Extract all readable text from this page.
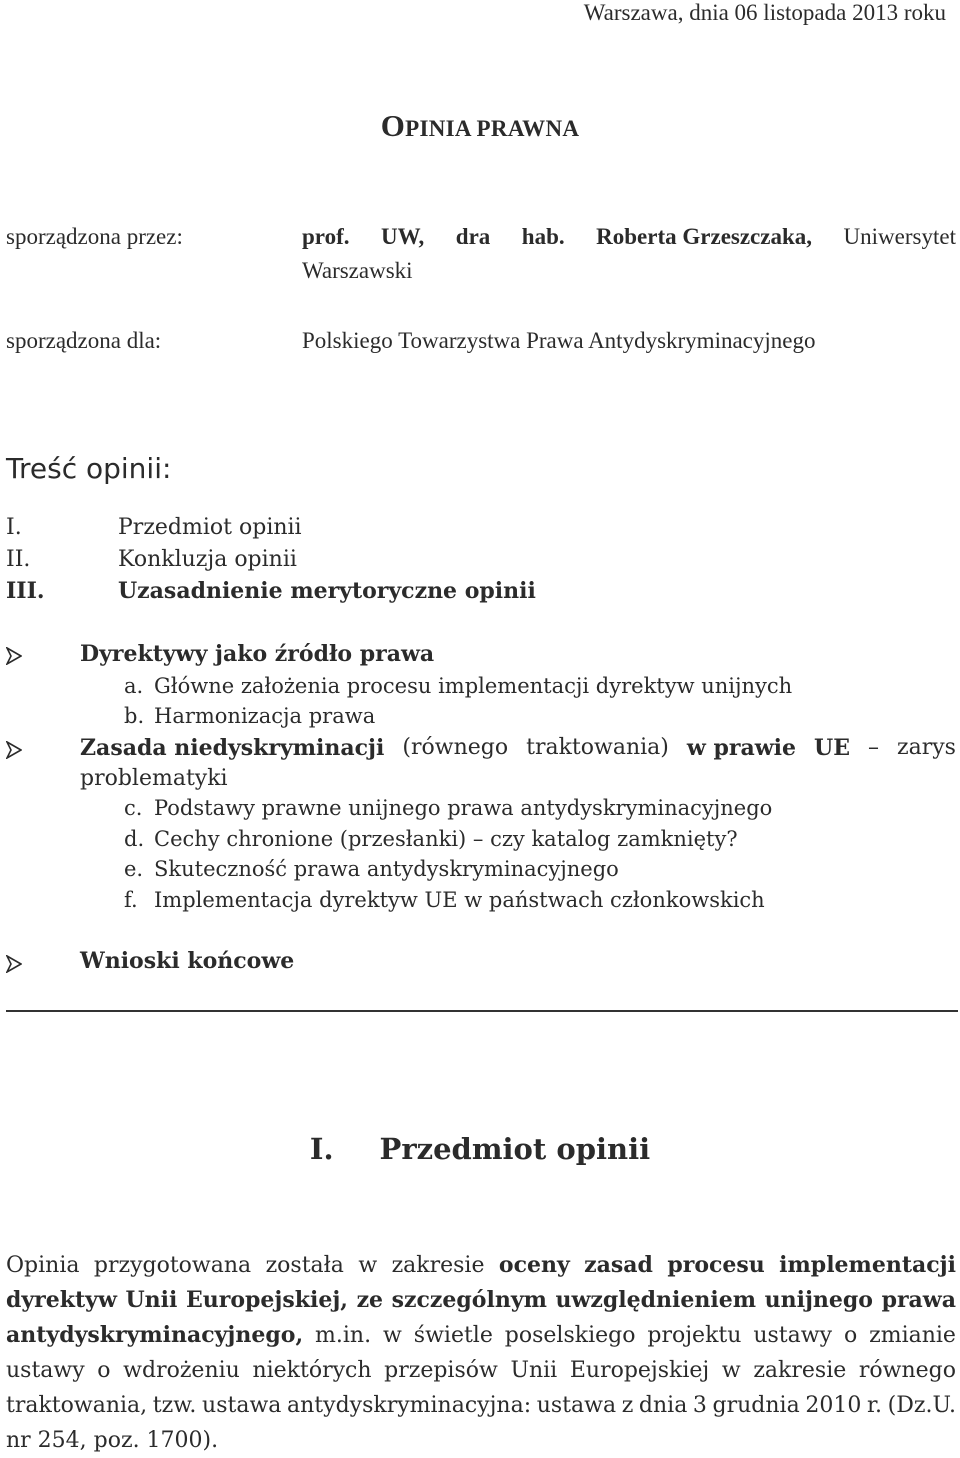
Warszawa, dnia 06 listopada 2013 roku
OPINIA PRAWNA
sporządzona przez:	prof. UW, dra hab. Roberta Grzeszczaka, Uniwersytet
Warszawski
sporządzona dla:	Polskiego Towarzystwa Prawa Antydyskryminacyjnego
Treść opinii:
I.	Przedmiot opinii
II.	Konkluzja opinii
III.	Uzasadnienie merytoryczne opinii
Dyrektywy jako źródło prawa
a. Główne założenia procesu implementacji dyrektyw unijnych
b. Harmonizacja prawa
Zasada niedyskryminacji (równego traktowania) w prawie UE – zarys
problematyki
c. Podstawy prawne unijnego prawa antydyskryminacyjnego
d. Cechy chronione (przesłanki) – czy katalog zamknięty?
e. Skuteczność prawa antydyskryminacyjnego
f. Implementacja dyrektyw UE w państwach członkowskich
Wnioski końcowe
I. Przedmiot opinii
Opinia przygotowana została w zakresie oceny zasad procesu implementacji
dyrektyw Unii Europejskiej, ze szczególnym uwzględnieniem unijnego prawa
antydyskryminacyjnego, m.in. w świetle poselskiego projektu ustawy o zmianie
ustawy o wdrożeniu niektórych przepisów Unii Europejskiej w zakresie równego
traktowania, tzw. ustawa antydyskryminacyjna: ustawa z dnia 3 grudnia 2010 r. (Dz.U.
nr 254, poz. 1700).
